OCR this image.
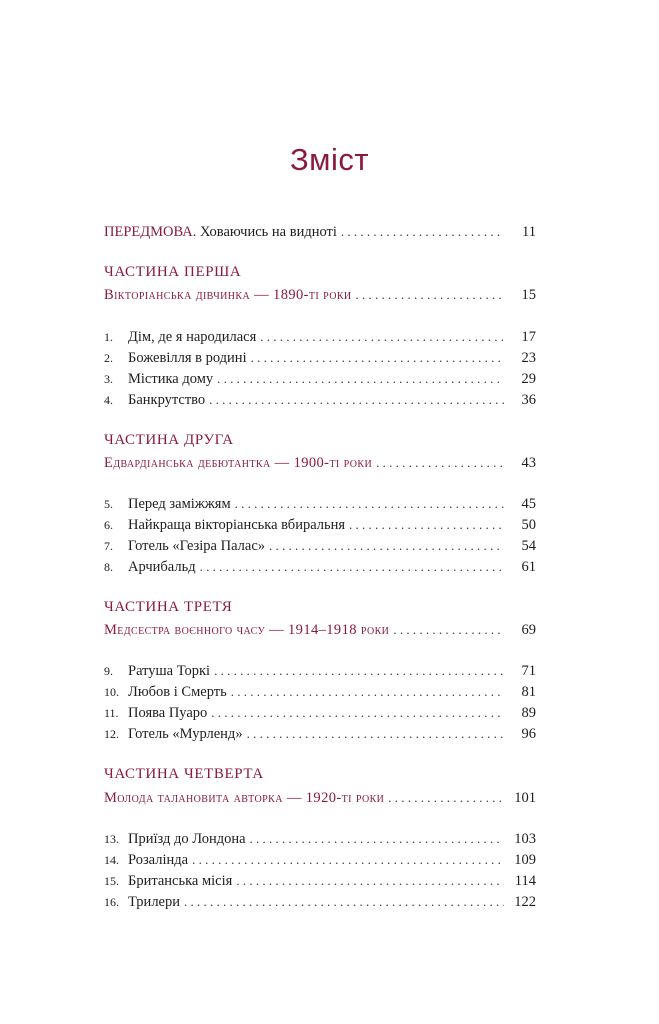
Зміст
ПЕРЕДМОВА. Ховаючись на видноті . . .	11
ЧАСТИНА ПЕРША
Вікторіанська дівчинка — 1890-ті роки . . .	15
1. Дім, де я народилася . . .	17
2. Божевілля в родині . . .	23
3. Містика дому . . .	29
4. Банкрутство . . .	36
ЧАСТИНА ДРУГА
Едвардіанська дебютантка — 1900-ті роки . . .	43
5. Перед заміжжям . . .	45
6. Найкраща вікторіанська вбиральня . . .	50
7. Готель «Гезіра Палас» . . .	54
8. Арчибальд . . .	61
ЧАСТИНА ТРЕТЯ
Медсестра воєнного часу — 1914–1918 роки . . .	69
9. Ратуша Торкі . . .	71
10. Любов і Смерть . . .	81
11. Поява Пуаро . . .	89
12. Готель «Мурленд» . . .	96
ЧАСТИНА ЧЕТВЕРТА
Молода талановита авторка — 1920-ті роки . . .	101
13. Приїзд до Лондона . . .	103
14. Розалінда . . .	109
15. Британська місія . . .	114
16. Трилери . . .	122
